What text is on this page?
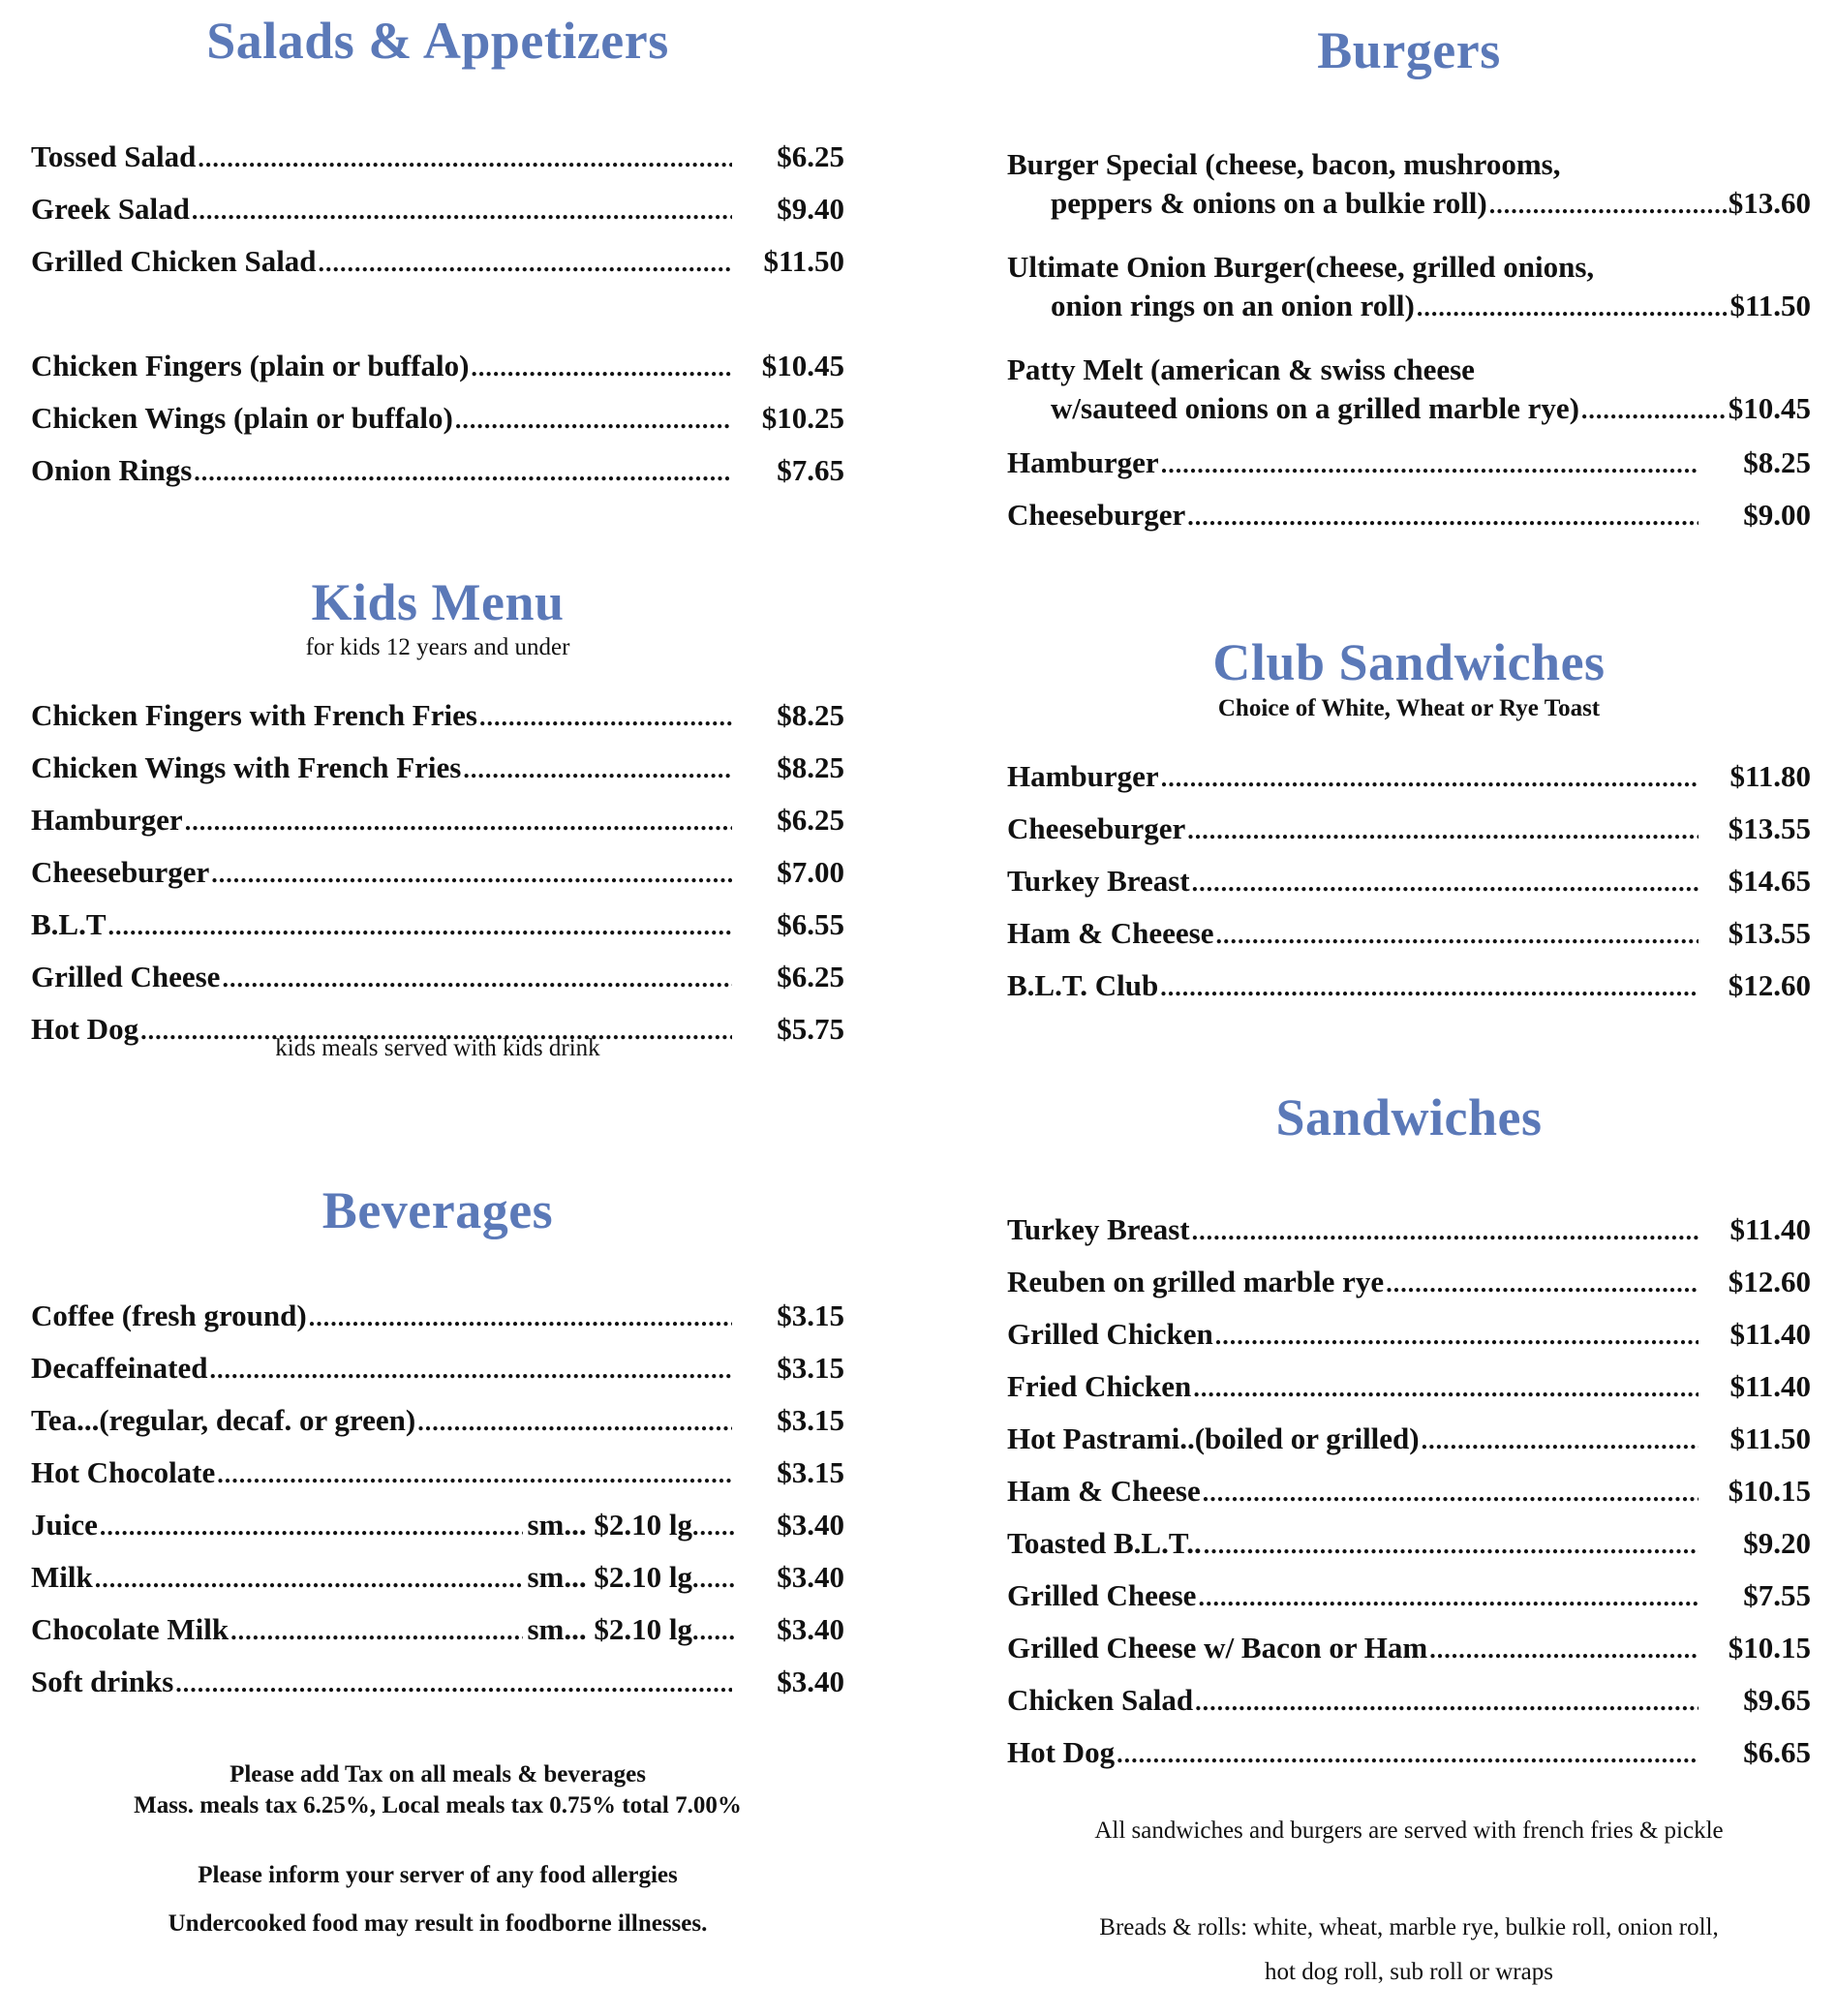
Salads & Appetizers
Tossed Salad .....	$6.25
Greek Salad .....	$9.40
Grilled Chicken Salad .....	$11.50
Chicken Fingers (plain or buffalo) .....	$10.45
Chicken Wings (plain or buffalo) .....	$10.25
Onion Rings .....	$7.65
Kids Menu
for kids 12 years and under
Chicken Fingers with French Fries .....	$8.25
Chicken Wings with French Fries .....	$8.25
Hamburger .....	$6.25
Cheeseburger .....	$7.00
B.L.T .....	$6.55
Grilled Cheese .....	$6.25
Hot Dog .....	$5.75
kids meals served with kids drink
Beverages
Coffee (fresh ground) .....	$3.15
Decaffeinated .....	$3.15
Tea...(regular, decaf. or green) .....	$3.15
Hot Chocolate .....	$3.15
Juice .....	sm... $2.10 lg......	$3.40
Milk .....	sm... $2.10 lg......	$3.40
Chocolate Milk .....	sm... $2.10 lg......	$3.40
Soft drinks .....	$3.40
Please add Tax on all meals & beverages
Mass. meals tax 6.25%, Local meals tax 0.75% total 7.00%
Please inform your server of any food allergies
Undercooked food may result in foodborne illnesses.
Burgers
Burger Special (cheese, bacon, mushrooms,
peppers & onions on a bulkie roll) .....	$13.60
Ultimate Onion Burger(cheese, grilled onions,
onion rings on an onion roll) .....	$11.50
Patty Melt (american & swiss cheese
w/sauteed onions on a grilled marble rye) .....	$10.45
Hamburger .....	$8.25
Cheeseburger .....	$9.00
Club Sandwiches
Choice of White, Wheat or Rye Toast
Hamburger .....	$11.80
Cheeseburger .....	$13.55
Turkey Breast .....	$14.65
Ham & Cheeese .....	$13.55
B.L.T. Club .....	$12.60
Sandwiches
Turkey Breast .....	$11.40
Reuben on grilled marble rye .....	$12.60
Grilled Chicken .....	$11.40
Fried Chicken .....	$11.40
Hot Pastrami..(boiled or grilled) .....	$11.50
Ham & Cheese .....	$10.15
Toasted B.L.T.. .....	$9.20
Grilled Cheese .....	$7.55
Grilled Cheese w/ Bacon or Ham .....	$10.15
Chicken Salad .....	$9.65
Hot Dog .....	$6.65
All sandwiches and burgers are served with french fries & pickle
Breads & rolls: white, wheat, marble rye, bulkie roll, onion roll,
hot dog roll, sub roll or wraps
